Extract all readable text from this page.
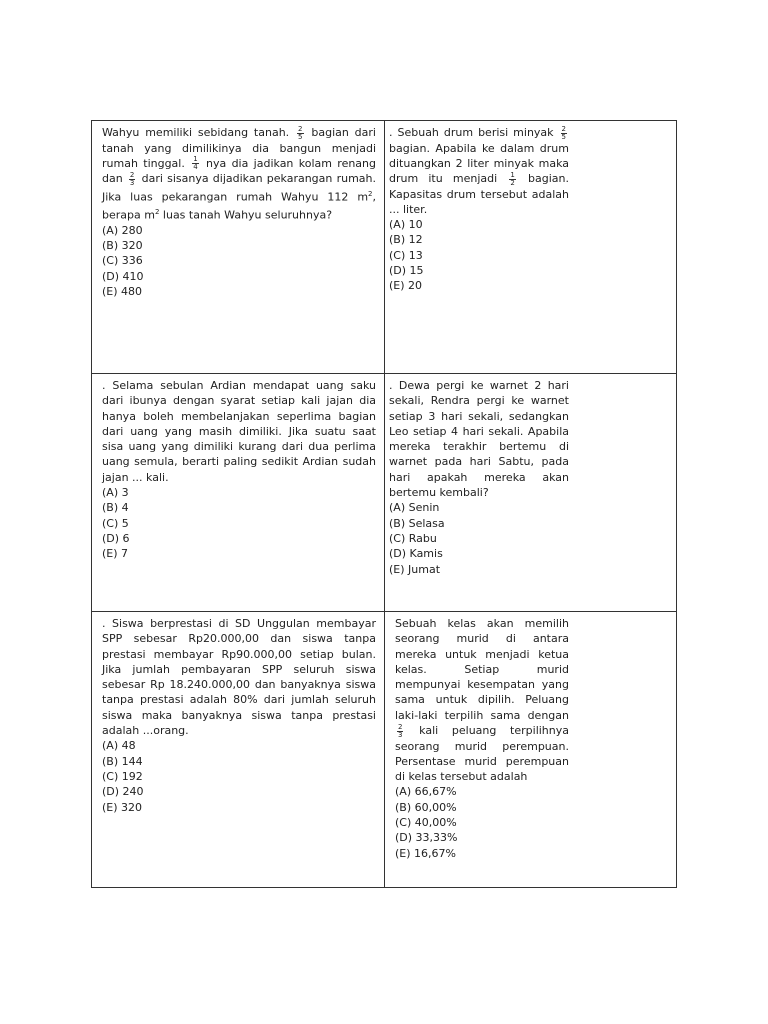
Wahyu memiliki sebidang tanah. $\frac{2}{5}$ bagian dari tanah yang dimilikinya dia bangun menjadi rumah tinggal. $\frac{1}{4}$ nya dia jadikan kolam renang dan $\frac{2}{3}$ dari sisanya dijadikan pekarangan rumah. Jika luas pekarangan rumah Wahyu 112 $m^2$, berapa $m^2$ luas tanah Wahyu seluruhnya?

(A) 280
(B) 320
(C) 336
(D) 410
(E) 480

. Sebuah drum berisi minyak $\frac{2}{5}$
bagian. Apabila ke dalam drum dituangkan 2 liter minyak maka drum itu menjadi $\frac{1}{2}$ bagian. Kapasitas drum tersebut adalah ... liter.

(A) 10
(B) 12
(C) 13
(D) 15
(E) 20

. Selama sebulan Ardian mendapat uang saku dari ibunya dengan syarat setiap kali jajan dia hanya boleh membelanjakan seperlima bagian dari uang yang masih dimiliki. Jika suatu saat sisa uang yang dimiliki kurang dari dua perlima uang semula, berarti paling sedikit Ardian sudah jajan ... kali.

(A) 3
(B) 4
(C) 5
(D) 6
(E) 7

. Dewa pergi ke warnet 2 hari sekali, Rendra pergi ke warnet setiap 3 hari sekali, sedangkan Leo setiap 4 hari sekali. Apabila mereka terakhir bertemu di warnet pada hari Sabtu, pada hari apakah mereka akan bertemu kembali?

(A) Senin
(B) Selasa
(C) Rabu
(D) Kamis
(E) Jumat

. Siswa berprestasi di SD Unggulan membayar SPP sebesar Rp20.000,00 dan siswa tanpa prestasi membayar Rp90.000,00 setiap bulan. Jika jumlah pembayaran SPP seluruh siswa sebesar Rp 18.240.000,00 dan banyaknya siswa tanpa prestasi adalah 80% dari jumlah seluruh siswa maka banyaknya siswa tanpa prestasi adalah ...orang.

(A) 48
(B) 144
(C) 192
(D) 240
(E) 320

Sebuah kelas akan memilih seorang murid di antara mereka untuk menjadi ketua kelas. Setiap murid mempunyai kesempatan yang sama untuk dipilih. Peluang laki-laki terpilih sama dengan
$\frac{2}{3}$ kali peluang terpilihnya seorang murid perempuan. Persentase murid perempuan di kelas tersebut adalah

(A) 66,67%
(B) 60,00%
(C) 40,00%
(D) 33,33%
(E) 16,67%
